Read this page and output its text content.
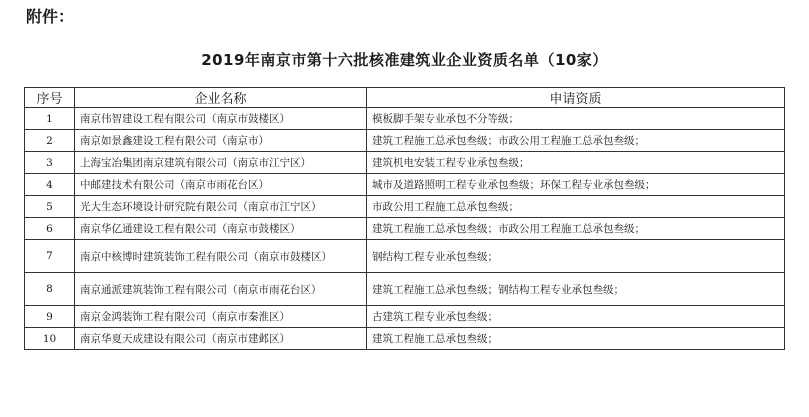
附件：
2019年南京市第十六批核准建筑业企业资质名单（10家）
序号	企业名称	申请资质
1	南京伟智建设工程有限公司（南京市鼓楼区）	模板脚手架专业承包不分等级；
2	南京如景鑫建设工程有限公司（南京市）	建筑工程施工总承包叁级；市政公用工程施工总承包叁级；
3	上海宝冶集团南京建筑有限公司（南京市江宁区）	建筑机电安装工程专业承包叁级；
4	中邮建技术有限公司（南京市雨花台区）	城市及道路照明工程专业承包叁级；环保工程专业承包叁级；
5	光大生态环境设计研究院有限公司（南京市江宁区）	市政公用工程施工总承包叁级；
6	南京华亿通建设工程有限公司（南京市鼓楼区）	建筑工程施工总承包叁级；市政公用工程施工总承包叁级；
7	南京中核博时建筑装饰工程有限公司（南京市鼓楼区）	钢结构工程专业承包叁级；
8	南京通派建筑装饰工程有限公司（南京市雨花台区）	建筑工程施工总承包叁级；钢结构工程专业承包叁级；
9	南京金鸿装饰工程有限公司（南京市秦淮区）	古建筑工程专业承包叁级；
10	南京华夏天成建设有限公司（南京市建邺区）	建筑工程施工总承包叁级；
